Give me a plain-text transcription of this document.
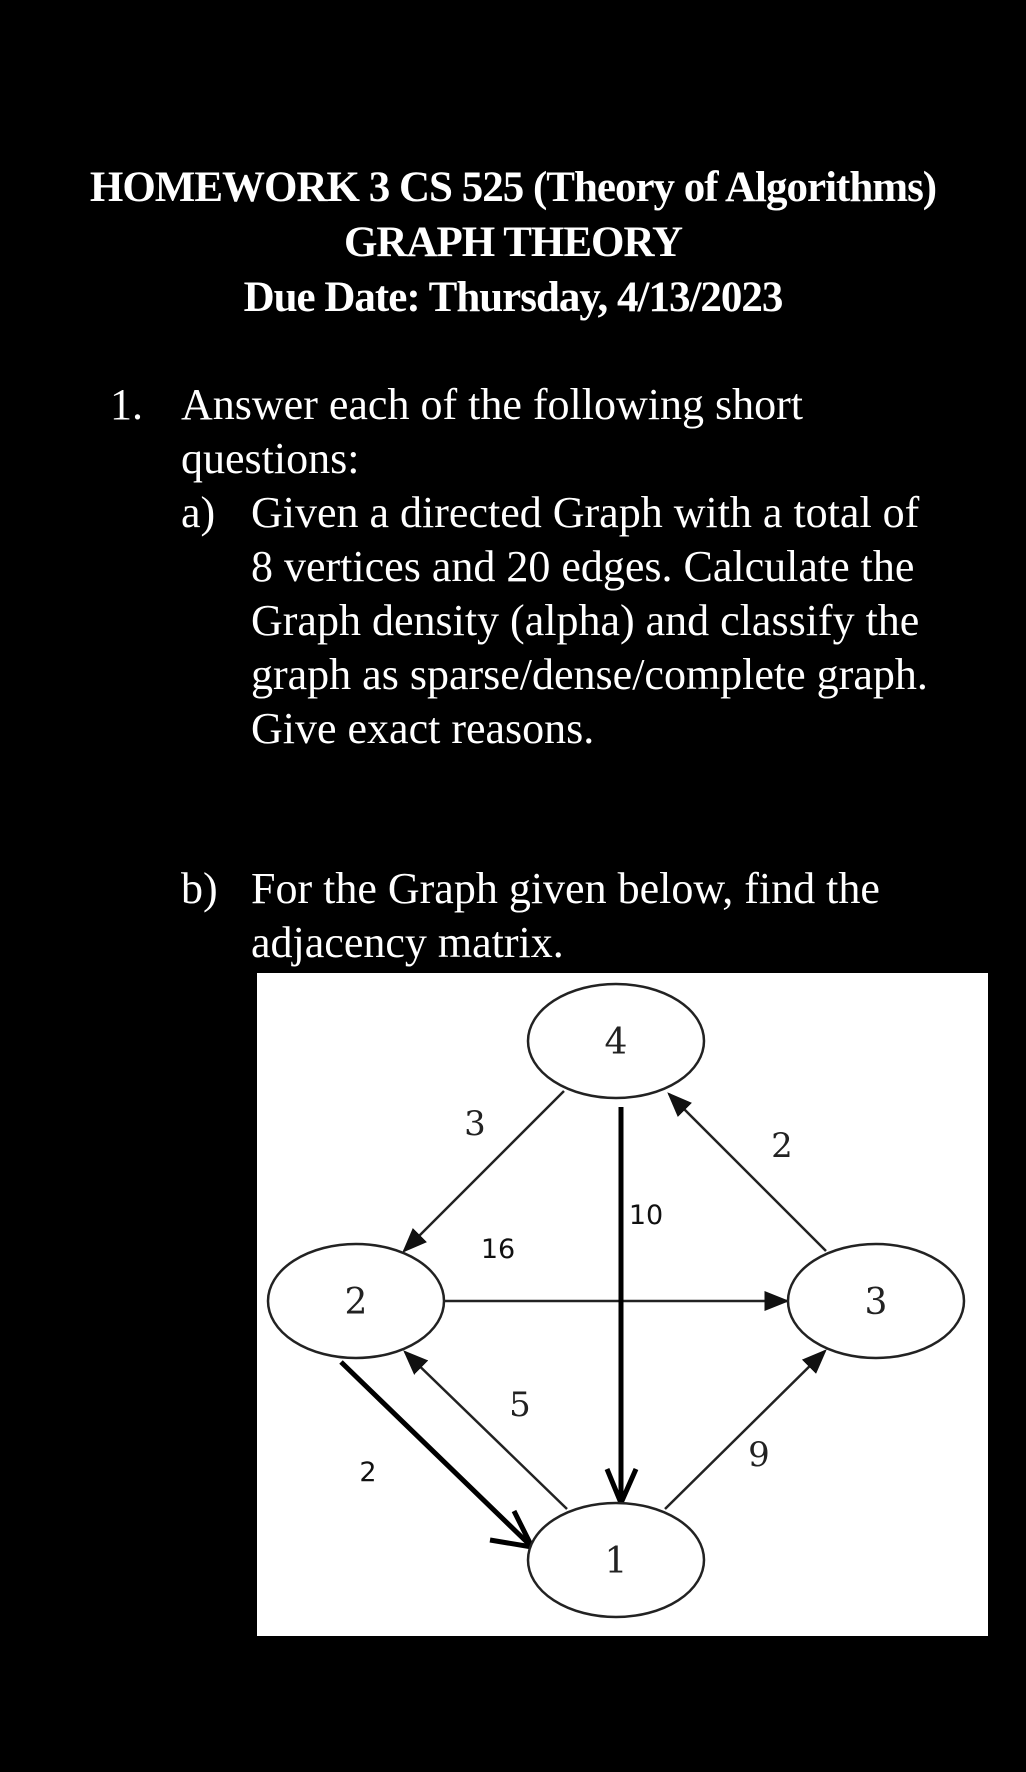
HOMEWORK 3 CS 525 (Theory of Algorithms)
GRAPH THEORY
Due Date: Thursday, 4/13/2023
1. Answer each of the following short questions:
a) Given a directed Graph with a total of
8 vertices and 20 edges. Calculate the
Graph density (alpha) and classify the
graph as sparse/dense/complete graph.
Give exact reasons.
b) For the Graph given below, find the
adjacency matrix.
4
2	3
1
3
10
2
16
5
2	9
